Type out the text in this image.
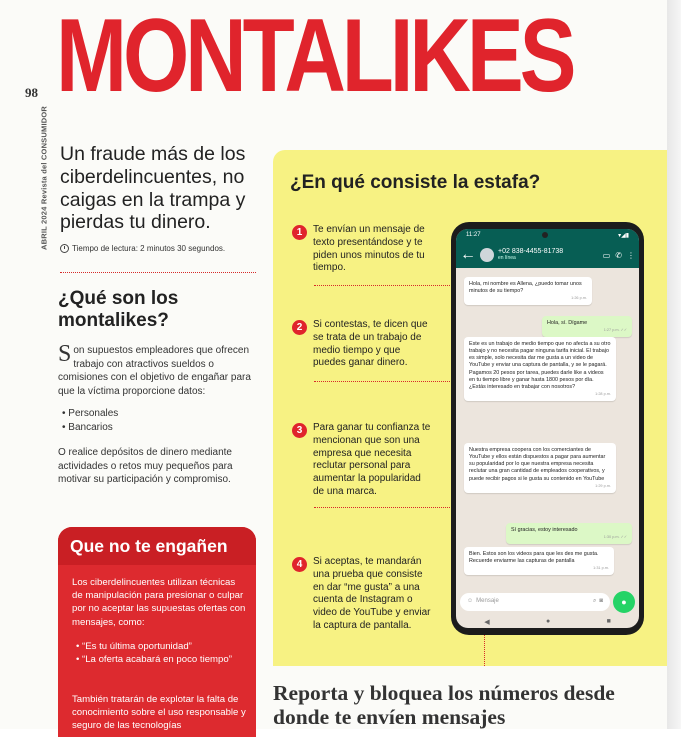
98
ABRIL 2024 Revista del CONSUMIDOR
MONTALIKES
Un fraude más de los ciberdelincuentes, no caigas en la trampa y pierdas tu dinero.
Tiempo de lectura: 2 minutos 30 segundos.
¿Qué son los montalikes?
S on supuestos empleadores que ofrecen trabajo con atractivos sueldos o comisiones con el objetivo de engañar para que la víctima proporcione datos:
• Personales
• Bancarios
O realice depósitos de dinero mediante actividades o retos muy pequeños para motivar su participación y compromiso.
Que no te engañen
Los ciberdelincuentes utilizan técnicas de manipulación para presionar o culpar por no aceptar las supuestas ofertas con mensajes, como:
• “Es tu última oportunidad”
• “La oferta acabará en poco tiempo”
También tratarán de explotar la falta de conocimiento sobre el uso responsable y seguro de las tecnologías
¿En qué consiste la estafa?
1	Te envían un mensaje de texto presentándose y te piden unos minutos de tu tiempo.
2	Si contestas, te dicen que se trata de un trabajo de medio tiempo y que puedes ganar dinero.
3	Para ganar tu confianza te mencionan que son una empresa que necesita reclutar personal para aumentar la popularidad de una marca.
4	Si aceptas, te mandarán una prueba que consiste en dar “me gusta” a una cuenta de Instagram o video de YouTube y enviar la captura de pantalla.
11:27	▾◢▮
←	+02 838-4455-81738
en línea	▭ ✆ ⋮
Hola, mi nombre es Allena, ¿puedo tomar unos minutos de su tiempo?
1:26 p.m.
Hola, sí. Dígame
1:27 p.m. ✓✓
Este es un trabajo de medio tiempo que no afecta a su otro trabajo y no necesita pagar ninguna tarifa inicial. El trabajo es simple, solo necesita dar me gusta a un video de YouTube y enviar una captura de pantalla, y se le pagará. Pagamos 20 pesos por tarea, puedes darle like a videos en tu tiempo libre y ganar hasta 1800 pesos por día. ¿Estás interesado en trabajar con nosotros?
1:28 p.m.
Nuestra empresa coopera con los comerciantes de YouTube y ellos están dispuestos a pagar para aumentar su popularidad por lo que nuestra empresa necesita reclutar una gran cantidad de empleados cooperativos, y puede recibir pagos si le gusta su contenido en YouTube
1:29 p.m.
Sí gracias, estoy interesado
1:30 p.m. ✓✓
Bien. Estos son los videos para que les des me gusta. Recuerde enviarme las capturas de pantalla
1:31 p.m.
☺ Mensaje	⌕ ◙	●
◀	●	■
Reporta y bloquea los números desde donde te envíen mensajes
